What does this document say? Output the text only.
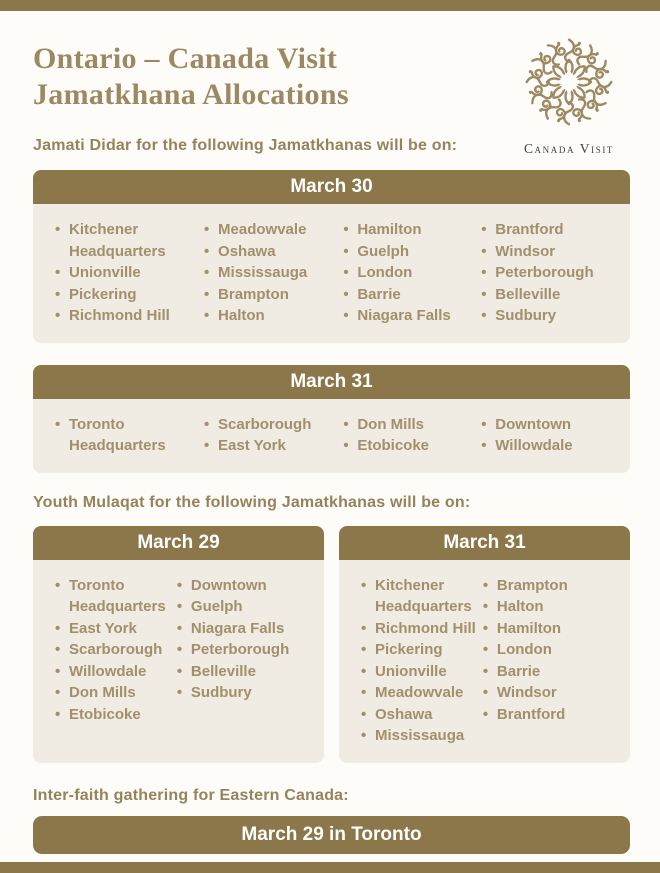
Ontario – Canada Visit
Jamatkhana Allocations
Jamati Didar for the following Jamatkhanas will be on:	Canada Visit
March 30
• Kitchener Headquarters
• Unionville
• Pickering
• Richmond Hill
• Meadowvale
• Oshawa
• Mississauga
• Brampton
• Halton
• Hamilton
• Guelph
• London
• Barrie
• Niagara Falls
• Brantford
• Windsor
• Peterborough
• Belleville
• Sudbury
March 31
• Toronto Headquarters
• Scarborough
• East York
• Don Mills
• Etobicoke
• Downtown
• Willowdale
Youth Mulaqat for the following Jamatkhanas will be on:
March 29
• Toronto Headquarters
• East York
• Scarborough
• Willowdale
• Don Mills
• Etobicoke
• Downtown
• Guelph
• Niagara Falls
• Peterborough
• Belleville
• Sudbury
March 31
• Kitchener Headquarters
• Richmond Hill
• Pickering
• Unionville
• Meadowvale
• Oshawa
• Mississauga
• Brampton
• Halton
• Hamilton
• London
• Barrie
• Windsor
• Brantford
Inter-faith gathering for Eastern Canada:
March 29 in Toronto
